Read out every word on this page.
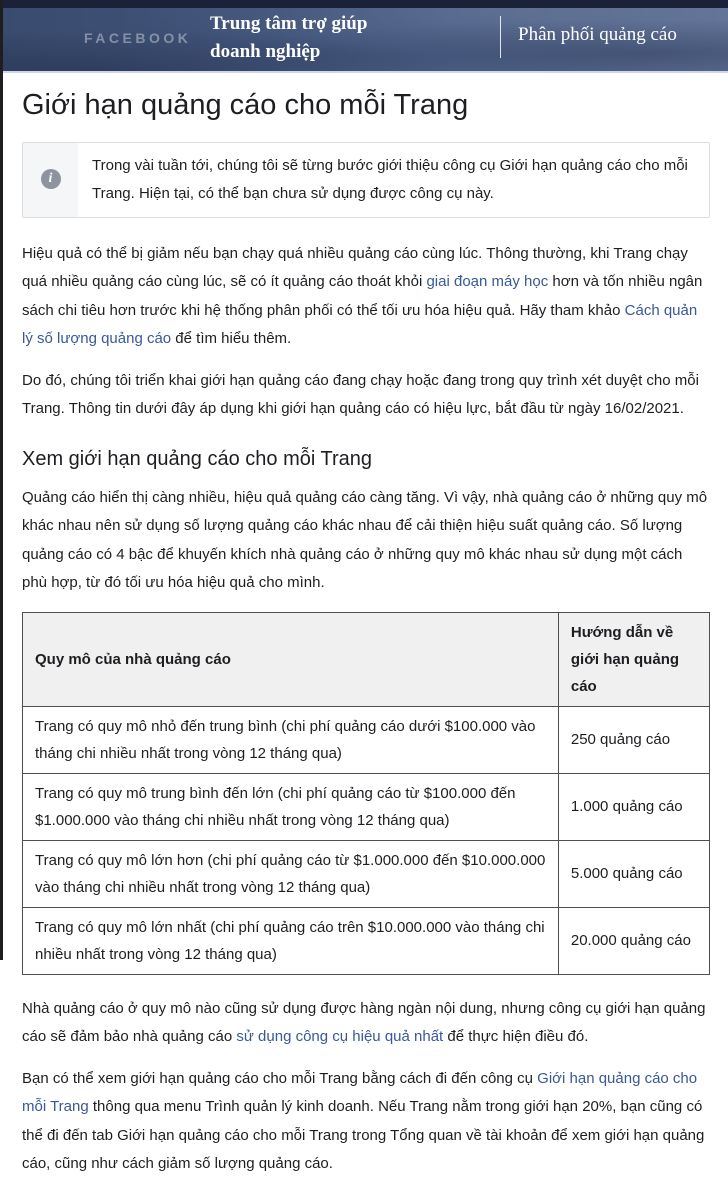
FACEBOOK
Trung tâm trợ giúp
doanh nghiệp
Phân phối quảng cáo
Giới hạn quảng cáo cho mỗi Trang
i
Trong vài tuần tới, chúng tôi sẽ từng bước giới thiệu công cụ Giới hạn quảng cáo cho mỗi Trang. Hiện tại, có thể bạn chưa sử dụng được công cụ này.

Hiệu quả có thể bị giảm nếu bạn chạy quá nhiều quảng cáo cùng lúc. Thông thường, khi Trang chạy quá nhiều quảng cáo cùng lúc, sẽ có ít quảng cáo thoát khỏi giai đoạn máy học hơn và tốn nhiều ngân sách chi tiêu hơn trước khi hệ thống phân phối có thể tối ưu hóa hiệu quả. Hãy tham khảo Cách quản lý số lượng quảng cáo để tìm hiểu thêm.

Do đó, chúng tôi triển khai giới hạn quảng cáo đang chạy hoặc đang trong quy trình xét duyệt cho mỗi Trang. Thông tin dưới đây áp dụng khi giới hạn quảng cáo có hiệu lực, bắt đầu từ ngày 16/02/2021.

Xem giới hạn quảng cáo cho mỗi Trang

Quảng cáo hiển thị càng nhiều, hiệu quả quảng cáo càng tăng. Vì vậy, nhà quảng cáo ở những quy mô khác nhau nên sử dụng số lượng quảng cáo khác nhau để cải thiện hiệu suất quảng cáo. Số lượng quảng cáo có 4 bậc để khuyến khích nhà quảng cáo ở những quy mô khác nhau sử dụng một cách phù hợp, từ đó tối ưu hóa hiệu quả cho mình.

Quy mô của nhà quảng cáo	Hướng dẫn về giới hạn quảng cáo
Trang có quy mô nhỏ đến trung bình (chi phí quảng cáo dưới $100.000 vào tháng chi nhiều nhất trong vòng 12 tháng qua)	250 quảng cáo
Trang có quy mô trung bình đến lớn (chi phí quảng cáo từ $100.000 đến $1.000.000 vào tháng chi nhiều nhất trong vòng 12 tháng qua)	1.000 quảng cáo
Trang có quy mô lớn hơn (chi phí quảng cáo từ $1.000.000 đến $10.000.000 vào tháng chi nhiều nhất trong vòng 12 tháng qua)	5.000 quảng cáo
Trang có quy mô lớn nhất (chi phí quảng cáo trên $10.000.000 vào tháng chi nhiều nhất trong vòng 12 tháng qua)	20.000 quảng cáo

Nhà quảng cáo ở quy mô nào cũng sử dụng được hàng ngàn nội dung, nhưng công cụ giới hạn quảng cáo sẽ đảm bảo nhà quảng cáo sử dụng công cụ hiệu quả nhất để thực hiện điều đó.

Bạn có thể xem giới hạn quảng cáo cho mỗi Trang bằng cách đi đến công cụ Giới hạn quảng cáo cho mỗi Trang thông qua menu Trình quản lý kinh doanh. Nếu Trang nằm trong giới hạn 20%, bạn cũng có thể đi đến tab Giới hạn quảng cáo cho mỗi Trang trong Tổng quan về tài khoản để xem giới hạn quảng cáo, cũng như cách giảm số lượng quảng cáo.
